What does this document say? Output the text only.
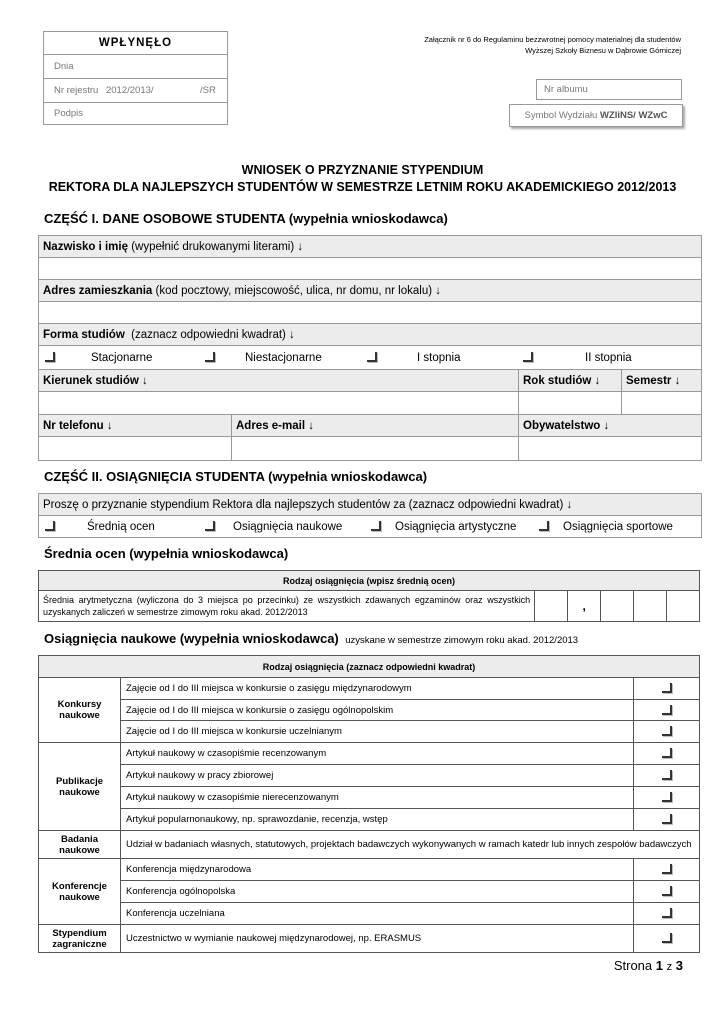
WPŁYNĘŁO
Dnia
Nr rejestru 2012/2013/	/SR
Podpis
Załącznik nr 6 do Regulaminu bezzwrotnej pomocy materialnej dla studentów
Wyższej Szkoły Biznesu w Dąbrowie Górniczej
Nr albumu
Symbol Wydziału WZIiNS/ WZwC
WNIOSEK O PRZYZNANIE STYPENDIUM
REKTORA DLA NAJLEPSZYCH STUDENTÓW W SEMESTRZE LETNIM ROKU AKADEMICKIEGO 2012/2013
CZĘŚĆ I. DANE OSOBOWE STUDENTA (wypełnia wnioskodawca)
Nazwisko i imię (wypełnić drukowanymi literami) ↓			

Adres zamieszkania (kod pocztowy, miejscowość, ulica, nr domu, nr lokalu) ↓			

Forma studiów (zaznacz odpowiedni kwadrat) ↓			

Stacjonarne Niestacjonarne I stopnia II stopnia			

Kierunek studiów ↓		Rok studiów ↓	Semestr ↓

Nr telefonu ↓	Adres e-mail ↓	Obywatelstwo ↓	

CZĘŚĆ II. OSIĄGNIĘCIA STUDENTA (wypełnia wnioskodawca)
Proszę o przyznanie stypendium Rektora dla najlepszych studentów za (zaznacz odpowiedni kwadrat) ↓

Średnią ocen	Osiągnięcia naukowe	Osiągnięcia artystyczne	Osiągnięcia sportowe
Średnia ocen (wypełnia wnioskodawca)
Rodzaj osiągnięcia (wpisz średnią ocen)
Średnia arytmetyczna (wyliczona do 3 miejsca po przecinku) ze wszystkich zdawanych egzaminów oraz wszystkich uzyskanych zaliczeń w semestrze zimowym roku akad. 2012/2013		,			
Osiągnięcia naukowe (wypełnia wnioskodawca) uzyskane w semestrze zimowym roku akad. 2012/2013
Rodzaj osiągnięcia (zaznacz odpowiedni kwadrat)		
Konkursy naukowe	Zajęcie od I do III miejsca w konkursie o zasięgu międzynarodowym	
	Zajęcie od I do III miejsca w konkursie o zasięgu ogólnopolskim	
	Zajęcie od I do III miejsca w konkursie uczelnianym	
Publikacje naukowe	Artykuł naukowy w czasopiśmie recenzowanym	
	Artykuł naukowy w pracy zbiorowej	
	Artykuł naukowy w czasopiśmie nierecenzowanym	
	Artykuł popularnonaukowy, np. sprawozdanie, recenzja, wstęp	
Badania naukowe	Udział w badaniach własnych, statutowych, projektach badawczych wykonywanych w ramach katedr lub innych zespołów badawczych	
Konferencje naukowe	Konferencja międzynarodowa	
	Konferencja ogólnopolska	
	Konferencja uczelniana	
Stypendium zagraniczne	Uczestnictwo w wymianie naukowej międzynarodowej, np. ERASMUS	
Strona 1 z 3
